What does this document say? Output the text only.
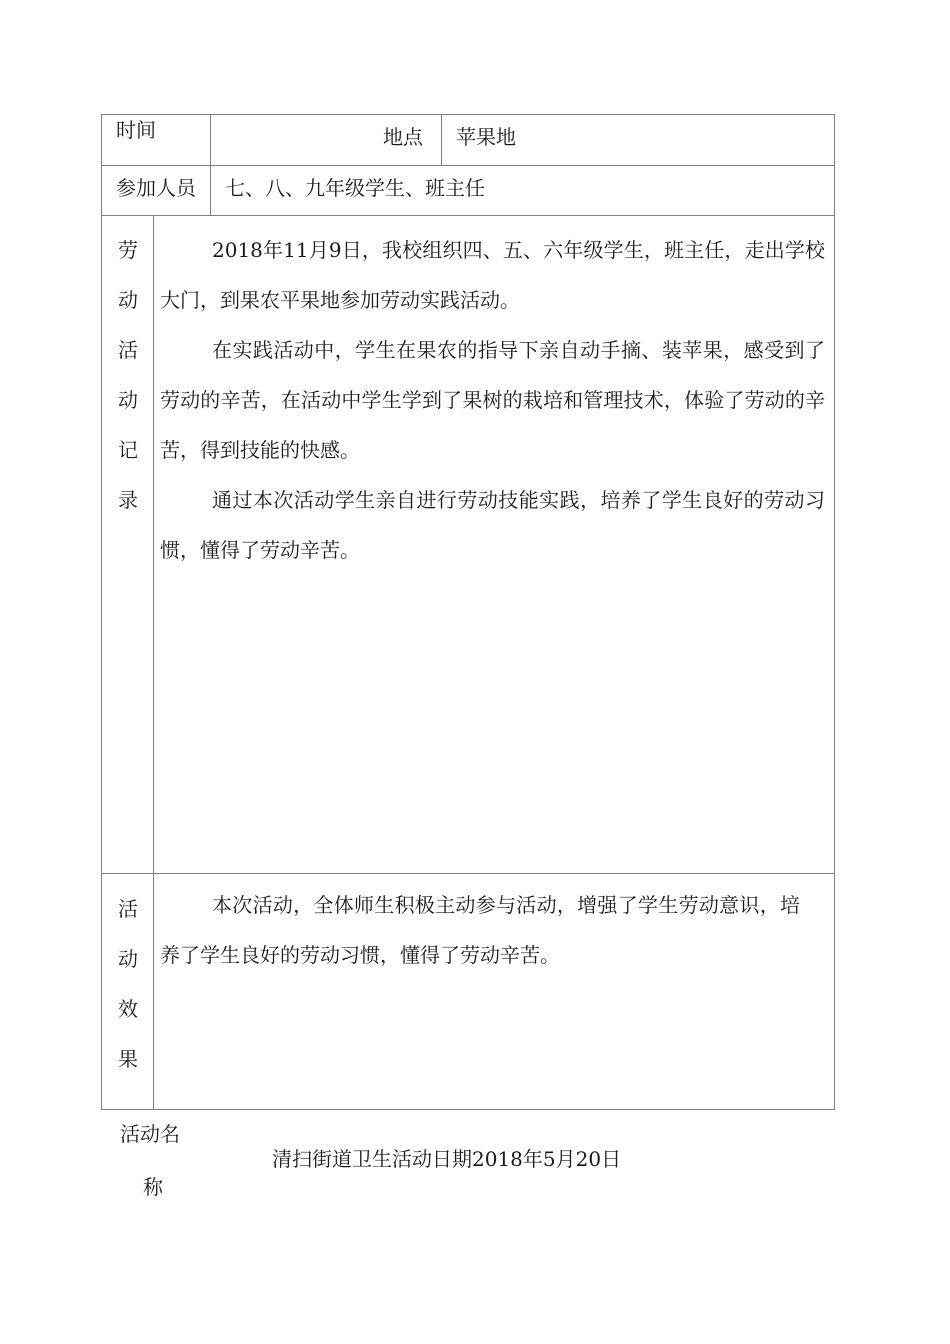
时间	地点 苹果地
参加人员 七、八、九年级学生、班主任
劳
动
活
动
记
录

2018年11月9日，我校组织四、五、六年级学生，班主任，走出学校大门，到果农平果地参加劳动实践活动。

在实践活动中，学生在果农的指导下亲自动手摘、装苹果，感受到了劳动的辛苦，在活动中学生学到了果树的栽培和管理技术，体验了劳动的辛苦，得到技能的快感。

通过本次活动学生亲自进行劳动技能实践，培养了学生良好的劳动习惯，懂得了劳动辛苦。

活
动
效
果

本次活动，全体师生积极主动参与活动，增强了学生劳动意识，培养了学生良好的劳动习惯，懂得了劳动辛苦。

活动名
称
清扫街道卫生活动日期2018年5月20日
